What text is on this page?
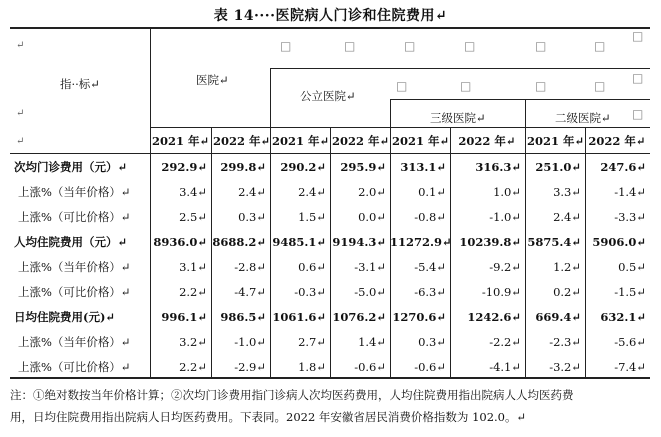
表 14····医院病人门诊和住院费用↵
↵
↵
↵
指··标↵	医院↵
公立医院↵
三级医院↵	二级医院↵
□	□	□	□	□	□
□
□	□	□	□
□
□
2021 年↵ 2022 年↵ 2021 年↵ 2022 年↵ 2021 年↵ 2022 年↵ 2021 年↵ 2022 年↵
次均门诊费用（元）↵	292.9↵	299.8↵	290.2↵	295.9↵	313.1↵	316.3↵	251.0↵	247.6↵
上涨%（当年价格）↵	3.4↵	2.4↵	2.4↵	2.0↵	0.1↵	1.0↵	3.3↵	-1.4↵
上涨%（可比价格）↵	2.5↵	0.3↵	1.5↵	0.0↵	-0.8↵	-1.0↵	2.4↵	-3.3↵
人均住院费用（元）↵ 8936.0↵ 8688.2↵ 9485.1↵ 9194.3↵ 11272.9↵ 10239.8↵ 5875.4↵ 5906.0↵
上涨%（当年价格）↵	3.1↵	-2.8↵	0.6↵	-3.1↵	-5.4↵	-9.2↵	1.2↵	0.5↵
上涨%（可比价格）↵	2.2↵	-4.7↵	-0.3↵	-5.0↵	-6.3↵	-10.9↵	0.2↵	-1.5↵
日均住院费用(元)↵	996.1↵	986.5↵ 1061.6↵ 1076.2↵ 1270.6↵	1242.6↵	669.4↵	632.1↵
上涨%（当年价格）↵	3.2↵	-1.0↵	2.7↵	1.4↵	0.3↵	-2.2↵	-2.3↵	-5.6↵
上涨%（可比价格）↵	2.2↵	-2.9↵	1.8↵	-0.6↵	-0.6↵	-4.1↵	-3.2↵	-7.4↵
注：①绝对数按当年价格计算；②次均门诊费用指门诊病人次均医药费用，人均住院费用指出院病人人均医药费
用，日均住院费用指出院病人日均医药费用。下表同。2022 年安徽省居民消费价格指数为 102.0。↵
